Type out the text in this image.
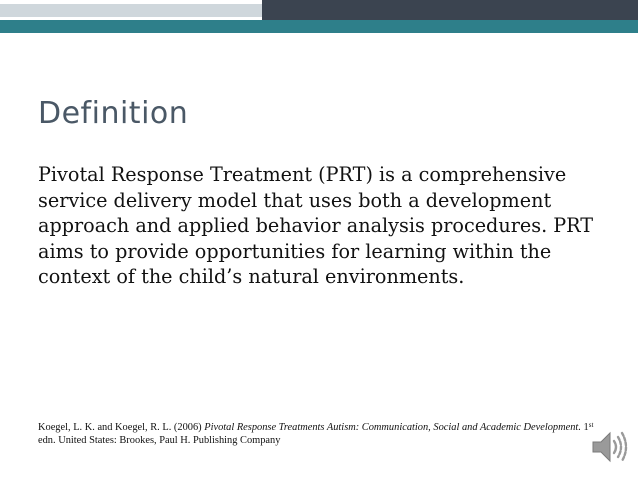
Definition

Pivotal Response Treatment (PRT) is a comprehensive service delivery model that uses both a development approach and applied behavior analysis procedures. PRT aims to provide opportunities for learning within the context of the child’s natural environments.

Koegel, L. K. and Koegel, R. L. (2006) Pivotal Response Treatments Autism: Communication, Social and Academic Development. 1st edn. United States: Brookes, Paul H. Publishing Company
